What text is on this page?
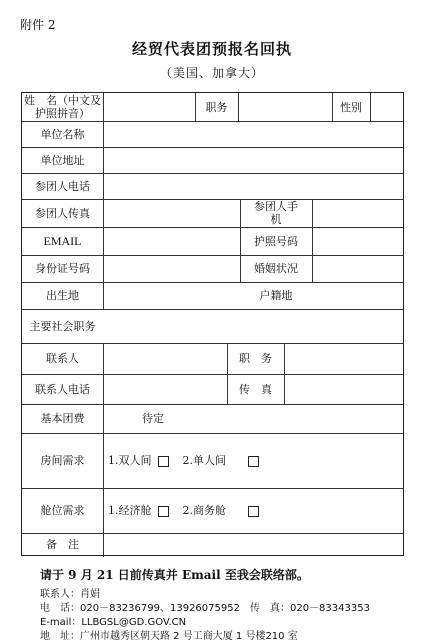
附件 2
经贸代表团预报名回执
（美国、加拿大）
姓　名（中文及护照拼音）	职务	性别
单位名称
单位地址
参团人电话
参团人传真	参团人手机
EMAIL	护照号码
身份证号码	婚姻状况
出生地	户籍地
主要社会职务
联系人	职　务
联系人电话	传　真
基本团费	待定
房间需求	1.双人间	2.单人间
舱位需求	1.经济舱	2.商务舱
备　注
请于 9 月 21 日前传真并 Email 至我会联络部。
联系人：肖娟
电　话：020－83236799、13926075952　传　真：020－83343353
E-mail：LLBGSL@GD.GOV.CN
地　址：广州市越秀区朝天路 2 号工商大厦 1 号楼210 室
